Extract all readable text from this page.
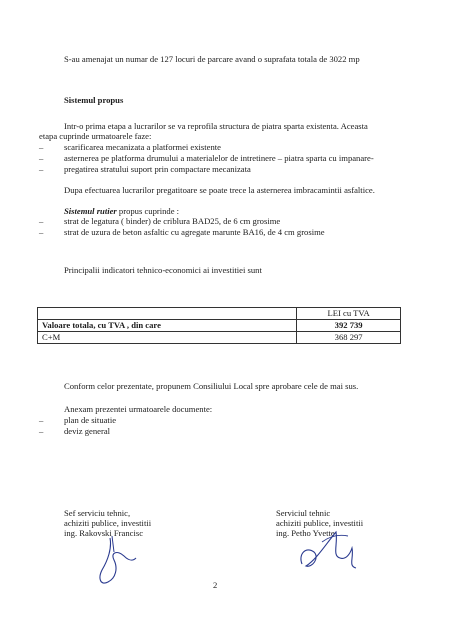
S-au amenajat un numar de 127 locuri de parcare avand o suprafata totala de 3022 mp
Sistemul propus
Intr-o prima etapa a lucrarilor se va reprofila structura de piatra sparta existenta. Aceasta
etapa cuprinde urmatoarele faze:
– scarificarea mecanizata a platformei existente
– asternerea pe platforma drumului a materialelor de intretinere – piatra sparta cu impanare-
– pregatirea stratului suport prin compactare mecanizata
Dupa efectuarea lucrarilor pregatitoare se poate trece la asternerea imbracamintii asfaltice.
Sistemul rutier propus cuprinde :
– strat de legatura ( binder) de criblura BAD25, de 6 cm grosime
– strat de uzura de beton asfaltic cu agregate marunte BA16, de 4 cm grosime
Principalii indicatori tehnico-economici ai investitiei sunt
	LEI cu TVA
Valoare totala, cu TVA , din care	392 739
C+M	368 297
Conform celor prezentate, propunem Consiliului Local spre aprobare cele de mai sus.
Anexam prezentei urmatoarele documente:
– plan de situatie
– deviz general
Sef serviciu tehnic,
achiziti publice, investitii
ing. Rakovski Francisc
Serviciul tehnic
achiziti publice, investitii
ing. Petho Yvette
2
